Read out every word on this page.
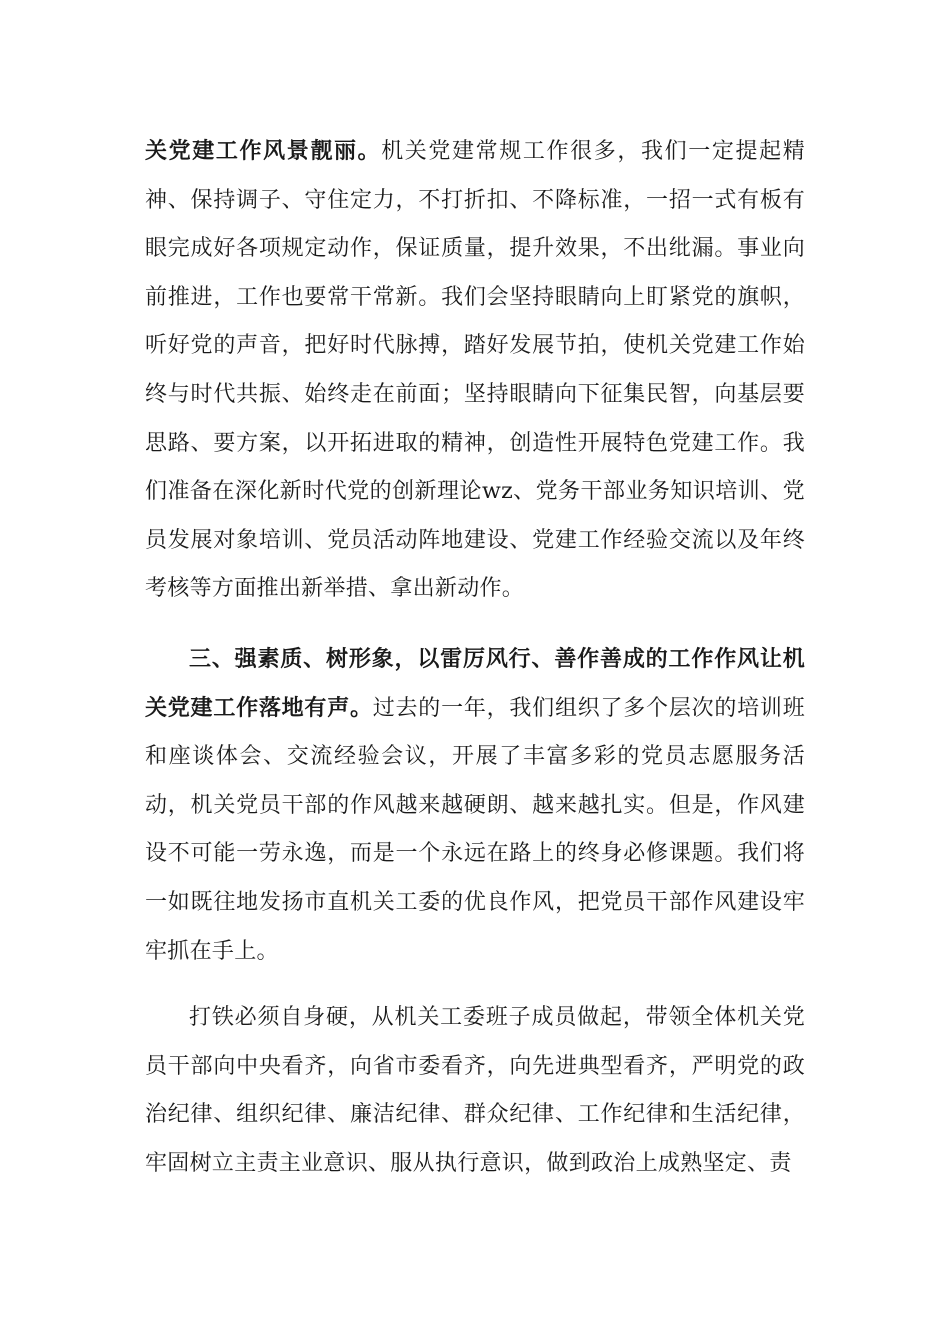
关党建工作风景靓丽。机关党建常规工作很多，我们一定提起精神、保持调子、守住定力，不打折扣、不降标准，一招一式有板有眼完成好各项规定动作，保证质量，提升效果，不出纰漏。事业向前推进，工作也要常干常新。我们会坚持眼睛向上盯紧党的旗帜，听好党的声音，把好时代脉搏，踏好发展节拍，使机关党建工作始终与时代共振、始终走在前面；坚持眼睛向下征集民智，向基层要思路、要方案，以开拓进取的精神，创造性开展特色党建工作。我们准备在深化新时代党的创新理论wz、党务干部业务知识培训、党员发展对象培训、党员活动阵地建设、党建工作经验交流以及年终考核等方面推出新举措、拿出新动作。

三、强素质、树形象，以雷厉风行、善作善成的工作作风让机关党建工作落地有声。过去的一年，我们组织了多个层次的培训班和座谈体会、交流经验会议，开展了丰富多彩的党员志愿服务活动，机关党员干部的作风越来越硬朗、越来越扎实。但是，作风建设不可能一劳永逸，而是一个永远在路上的终身必修课题。我们将一如既往地发扬市直机关工委的优良作风，把党员干部作风建设牢牢抓在手上。

打铁必须自身硬，从机关工委班子成员做起，带领全体机关党员干部向中央看齐，向省市委看齐，向先进典型看齐，严明党的政治纪律、组织纪律、廉洁纪律、群众纪律、工作纪律和生活纪律，牢固树立主责主业意识、服从执行意识，做到政治上成熟坚定、责
